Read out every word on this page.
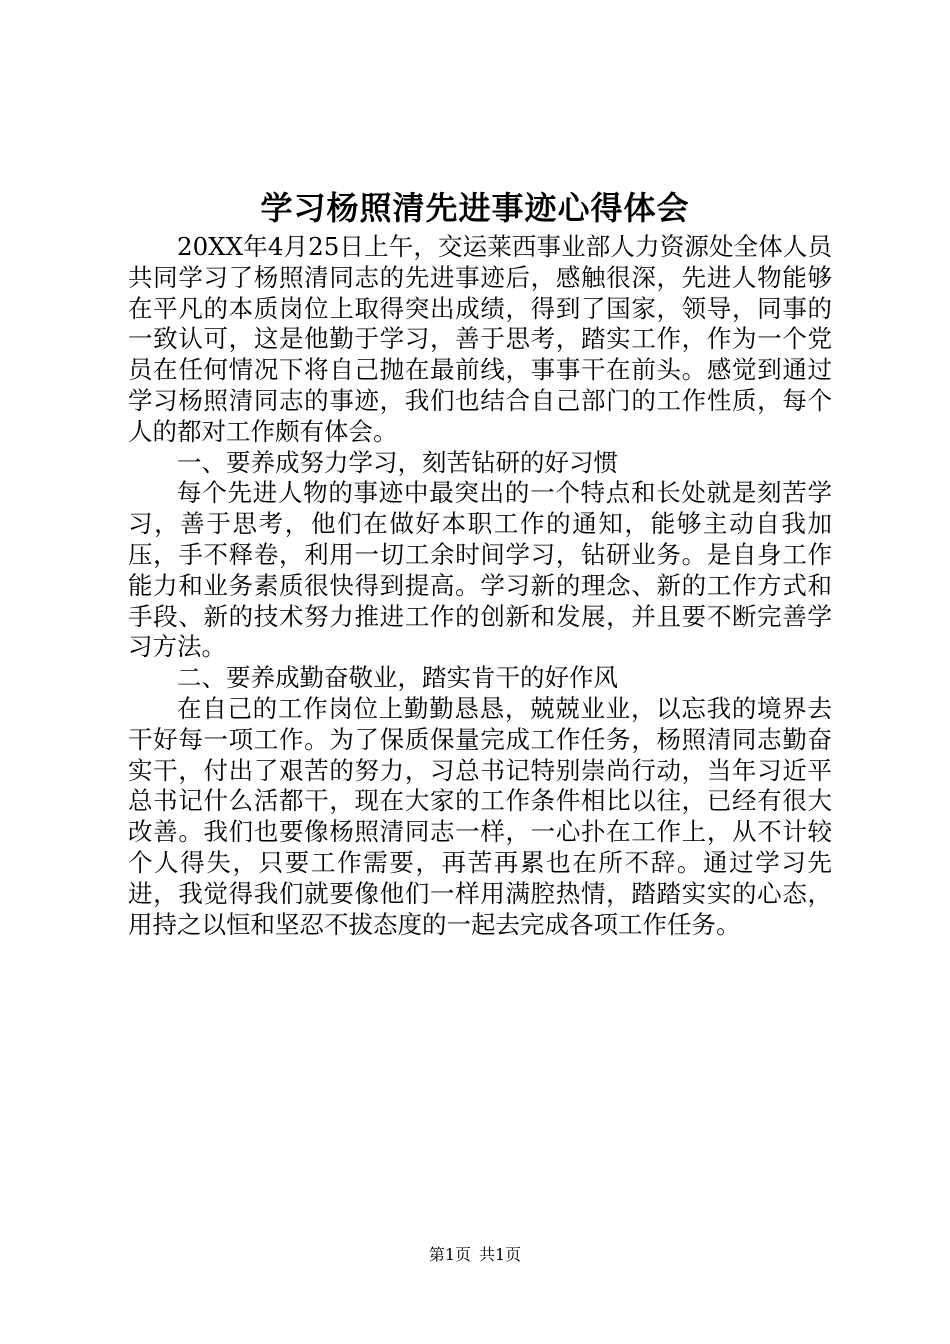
学习杨照清先进事迹心得体会

20XX年4月25日上午，交运莱西事业部人力资源处全体人员共同学习了杨照清同志的先进事迹后，感触很深，先进人物能够在平凡的本质岗位上取得突出成绩，得到了国家，领导，同事的一致认可，这是他勤于学习，善于思考，踏实工作，作为一个党员在任何情况下将自己抛在最前线，事事干在前头。感觉到通过学习杨照清同志的事迹，我们也结合自己部门的工作性质，每个人的都对工作颇有体会。

一、要养成努力学习，刻苦钻研的好习惯

每个先进人物的事迹中最突出的一个特点和长处就是刻苦学习，善于思考，他们在做好本职工作的通知，能够主动自我加压，手不释卷，利用一切工余时间学习，钻研业务。是自身工作能力和业务素质很快得到提高。学习新的理念、新的工作方式和手段、新的技术努力推进工作的创新和发展，并且要不断完善学习方法。

二、要养成勤奋敬业，踏实肯干的好作风

在自己的工作岗位上勤勤恳恳，兢兢业业，以忘我的境界去干好每一项工作。为了保质保量完成工作任务，杨照清同志勤奋实干，付出了艰苦的努力，习总书记特别崇尚行动，当年习近平总书记什么活都干，现在大家的工作条件相比以往，已经有很大改善。我们也要像杨照清同志一样，一心扑在工作上，从不计较个人得失，只要工作需要，再苦再累也在所不辞。通过学习先进，我觉得我们就要像他们一样用满腔热情，踏踏实实的心态，用持之以恒和坚忍不拔态度的一起去完成各项工作任务。

第1页 共1页
